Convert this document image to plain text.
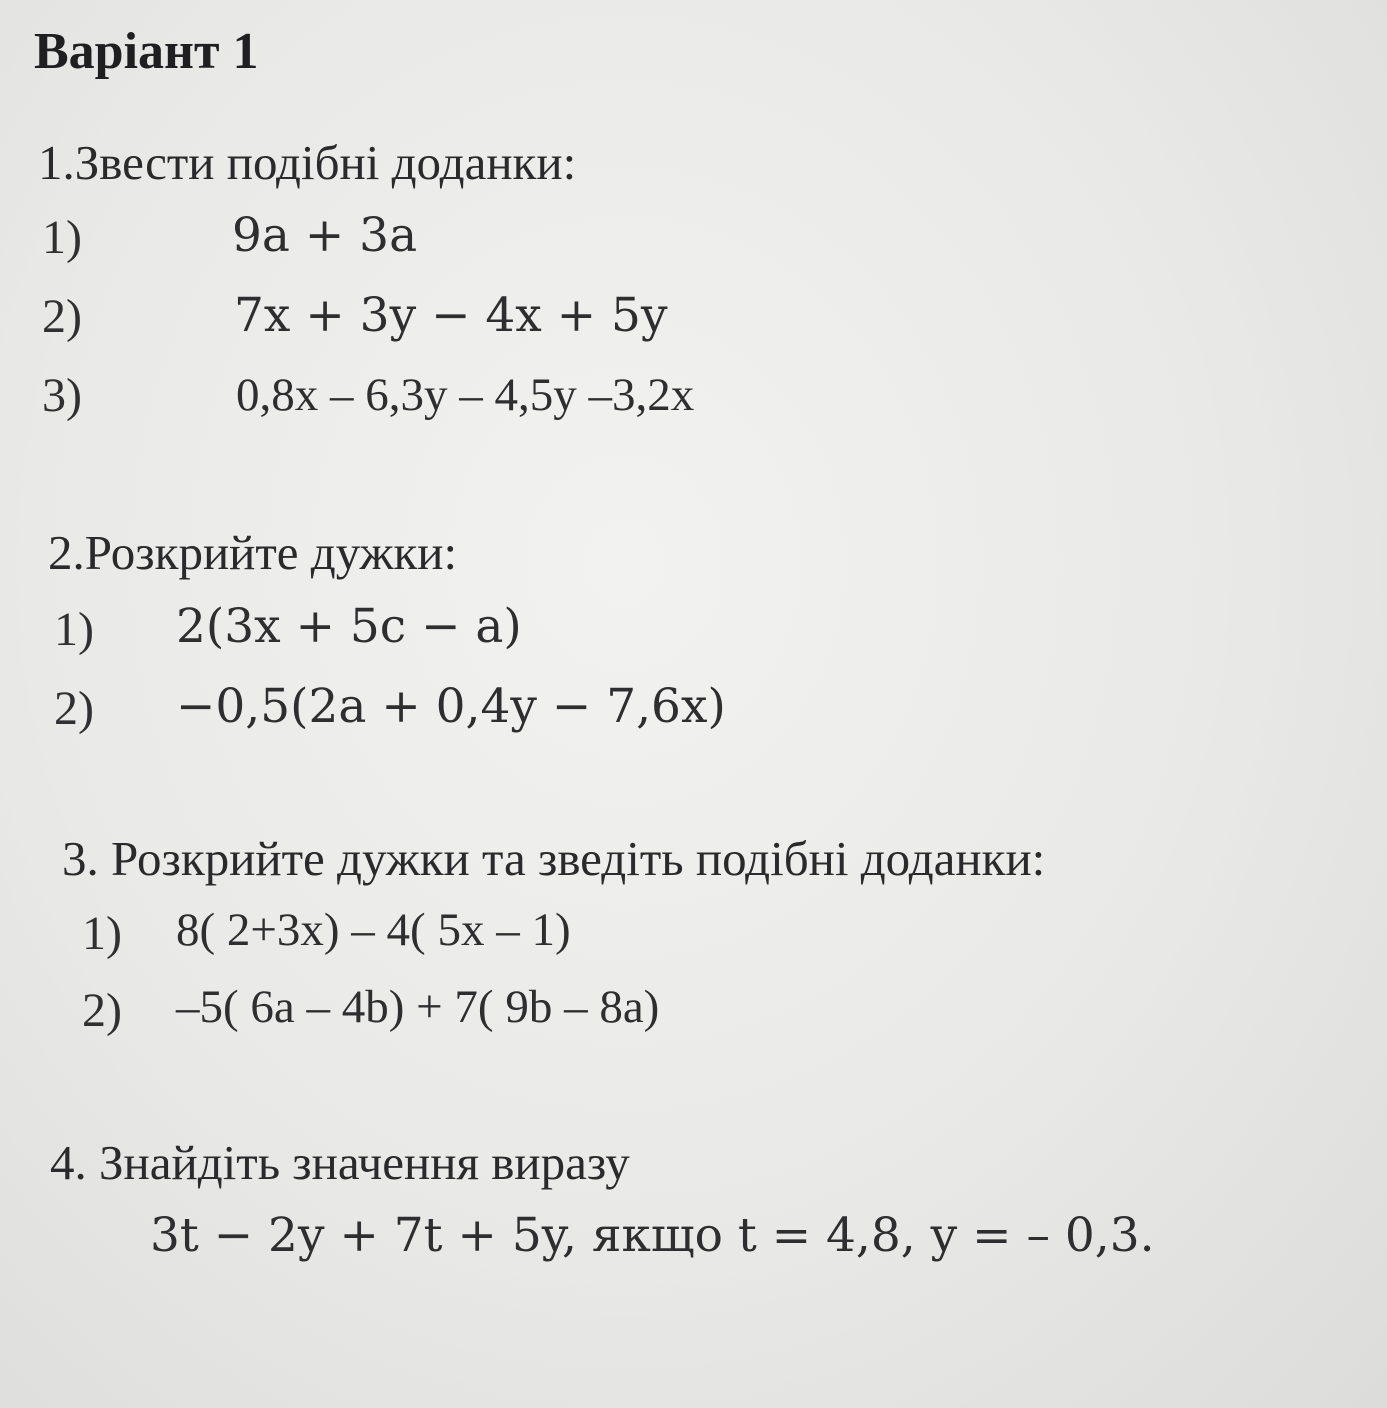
Варіант 1
1.Звести подібні доданки:
1)	9a + 3a
2)	7x + 3y − 4x + 5y
3)	0,8x – 6,3y – 4,5y –3,2x
2.Розкрийте дужки:
1) 2(3x + 5c − a)
2) −0,5(2a + 0,4y − 7,6x)
3. Розкрийте дужки та зведіть подібні доданки:
1) 8( 2+3x) – 4( 5x – 1)
2) –5( 6a – 4b) + 7( 9b – 8a)
4. Знайдіть значення виразу
3t − 2y + 7t + 5y, якщо t = 4,8, y = – 0,3.
